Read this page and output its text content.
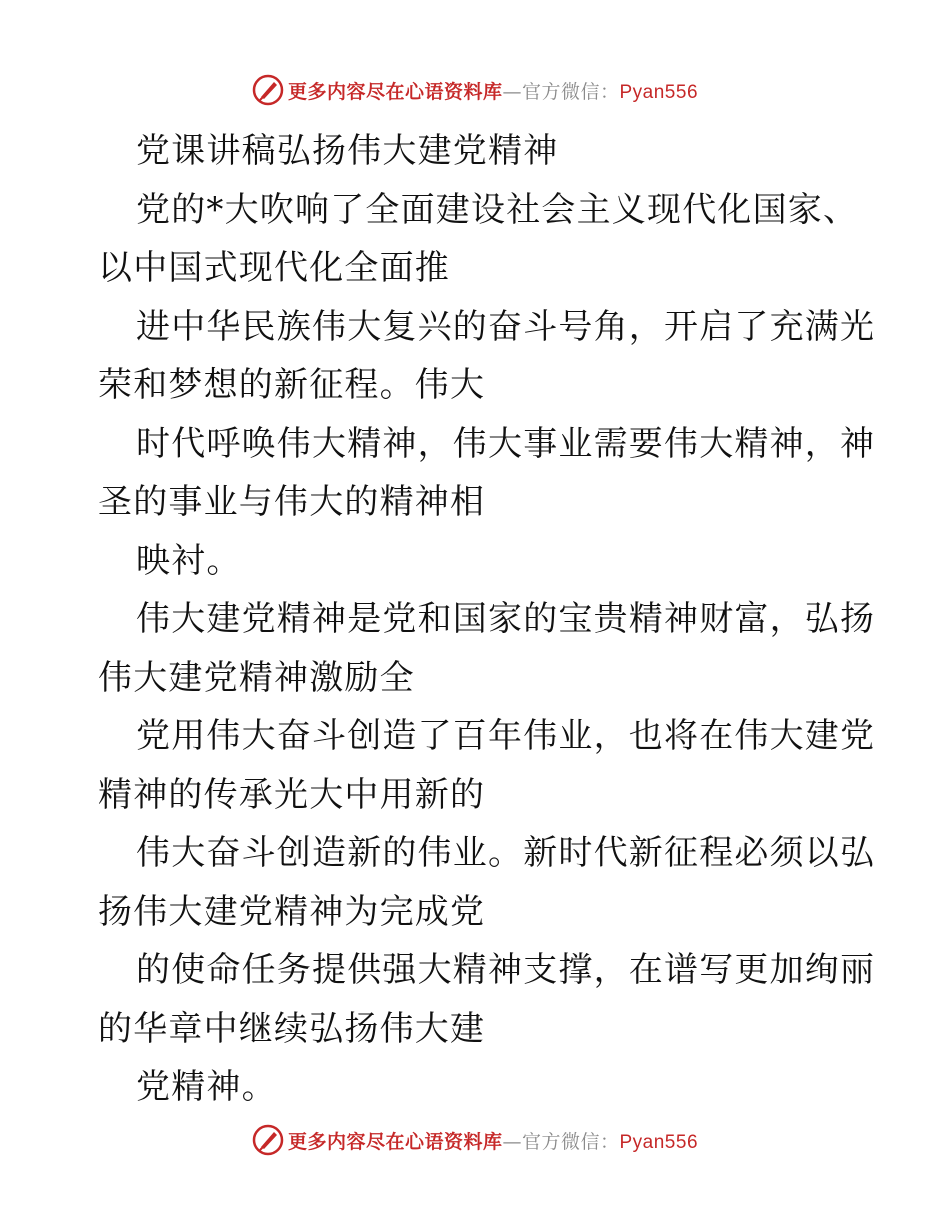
更多内容尽在心语资料库—官方微信：Pyan556
党课讲稿弘扬伟大建党精神
党的*大吹响了全面建设社会主义现代化国家、
以中国式现代化全面推
进中华民族伟大复兴的奋斗号角，开启了充满光
荣和梦想的新征程。伟大
时代呼唤伟大精神，伟大事业需要伟大精神，神
圣的事业与伟大的精神相
映衬。
伟大建党精神是党和国家的宝贵精神财富，弘扬
伟大建党精神激励全
党用伟大奋斗创造了百年伟业，也将在伟大建党
精神的传承光大中用新的
伟大奋斗创造新的伟业。新时代新征程必须以弘
扬伟大建党精神为完成党
的使命任务提供强大精神支撑，在谱写更加绚丽
的华章中继续弘扬伟大建
党精神。
更多内容尽在心语资料库—官方微信：Pyan556
